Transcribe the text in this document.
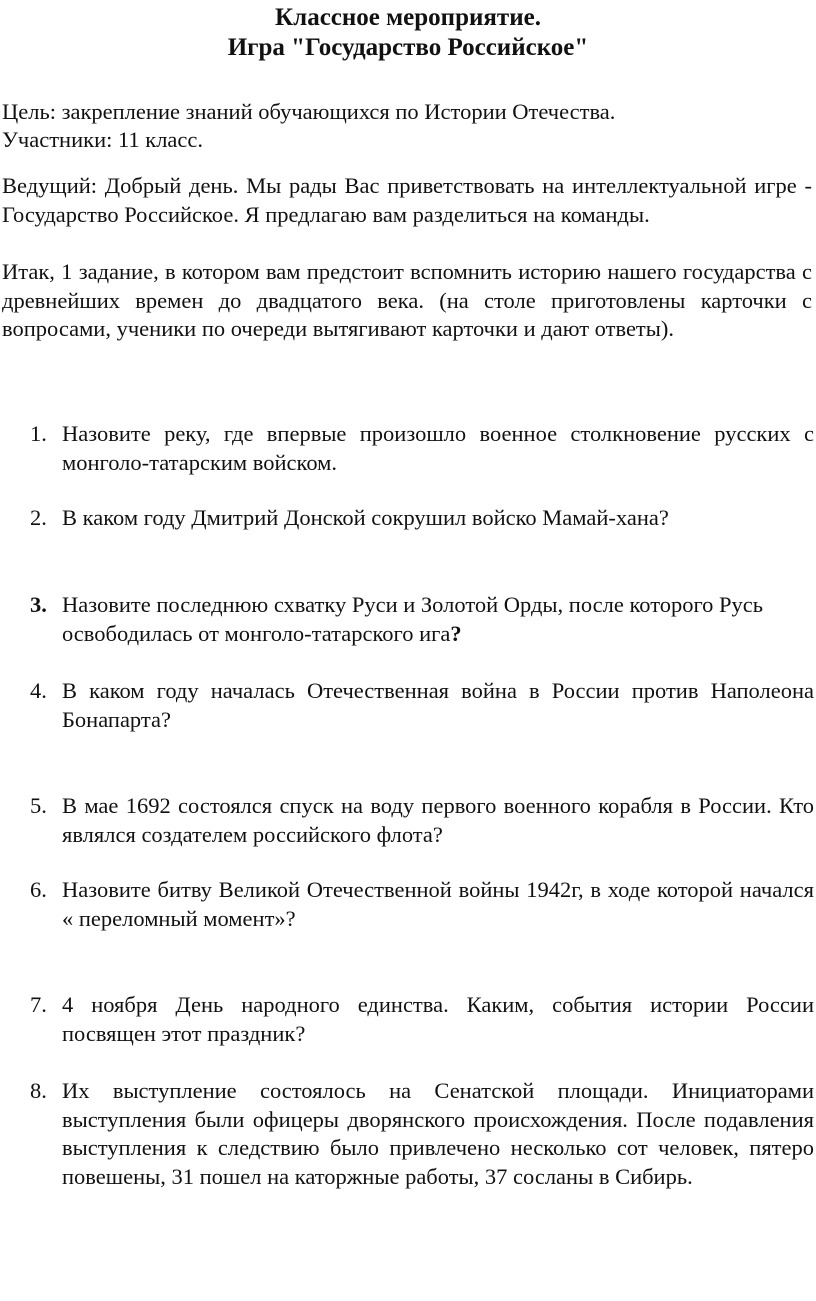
Классное мероприятие.
Игра "Государство Российское"

Цель: закрепление знаний обучающихся по Истории Отечества.

Участники: 11 класс.

Ведущий: Добрый день. Мы рады Вас приветствовать на интеллектуальной игре - Государство Российское. Я предлагаю вам разделиться на команды.

Итак, 1 задание, в котором вам предстоит вспомнить историю нашего государства с древнейших времен до двадцатого века. (на столе приготовлены карточки с вопросами, ученики по очереди вытягивают карточки и дают ответы).

1. Назовите реку, где впервые произошло военное столкновение русских с монголо-татарским войском.
2. В каком году Дмитрий Донской сокрушил войско Мамай-хана?
3. Назовите последнюю схватку Руси и Золотой Орды, после которого Русь освободилась от монголо-татарского ига?
4. В каком году началась Отечественная война в России против Наполеона Бонапарта?
5. В мае 1692 состоялся спуск на воду первого военного корабля в России. Кто являлся создателем российского флота?
6. Назовите битву Великой Отечественной войны 1942г, в ходе которой начался « переломный момент»?
7. 4 ноября День народного единства. Каким, события истории России посвящен этот праздник?
8. Их выступление состоялось на Сенатской площади. Инициаторами выступления были офицеры дворянского происхождения. После подавления выступления к следствию было привлечено несколько сот человек, пятеро повешены, 31 пошел на каторжные работы, 37 сосланы в Сибирь.
